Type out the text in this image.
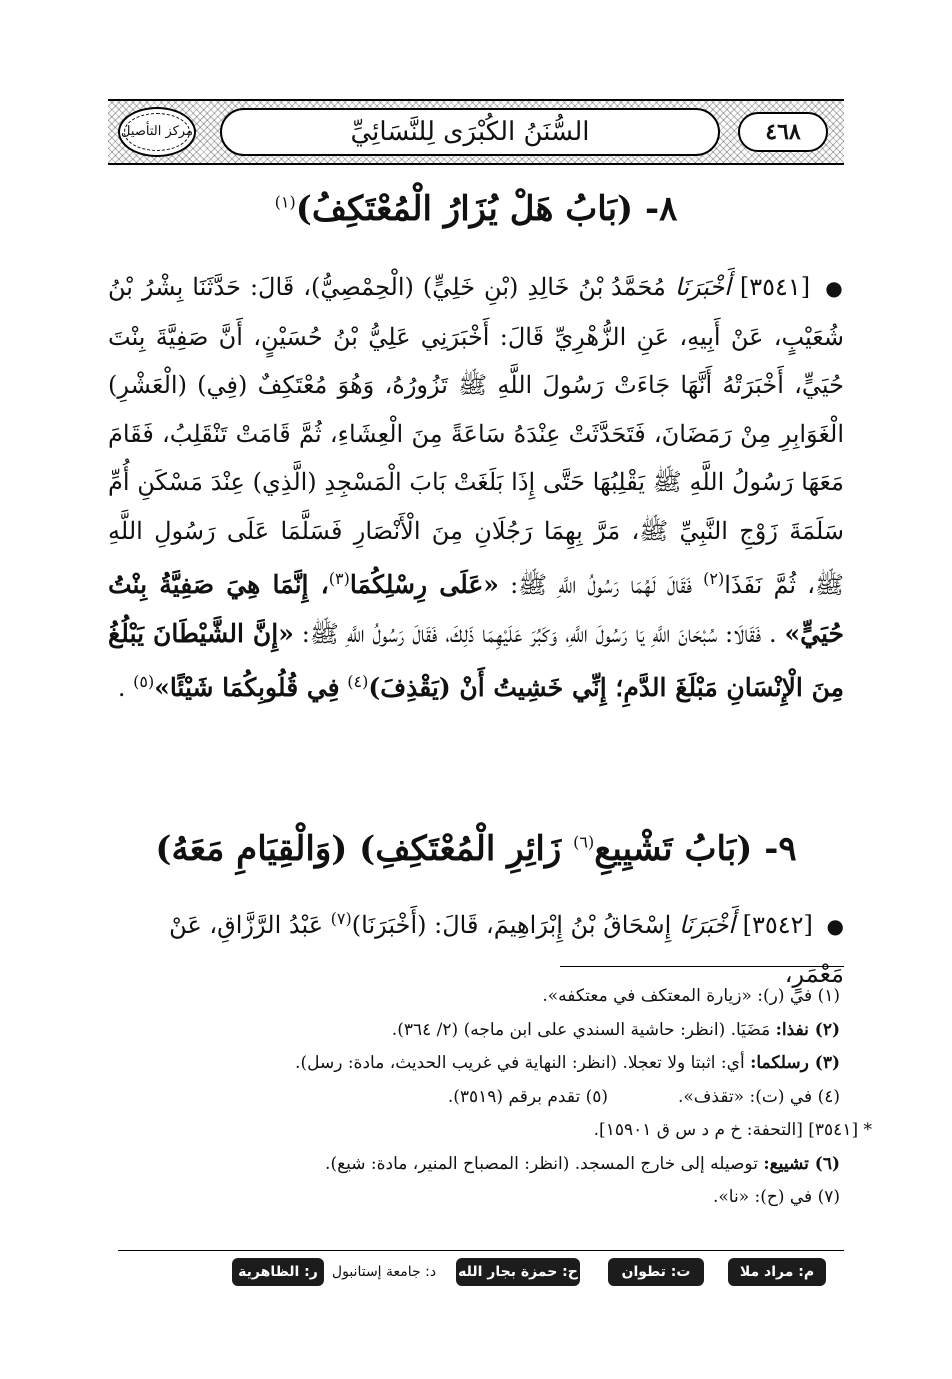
مركز التأصيل	السُّنَنُ الكُبْرَى لِلنَّسَائِيِّ	٤٦٨
٨- (بَابُ هَلْ يُزَارُ الْمُعْتَكِفُ)$^{(١)}$
● [٣٥٤١] أَخْبَرَنَا مُحَمَّدُ بْنُ خَالِدِ (بْنِ خَلِيٍّ) (الْحِمْصِيُّ)، قَالَ: حَدَّثَنَا بِشْرُ بْنُ شُعَيْبٍ، عَنْ أَبِيهِ، عَنِ الزُّهْرِيِّ قَالَ: أَخْبَرَنِي عَلِيُّ بْنُ حُسَيْنٍ، أَنَّ صَفِيَّةَ بِنْتَ حُيَيٍّ، أَخْبَرَتْهُ أَنَّهَا جَاءَتْ رَسُولَ اللَّهِ ﷺ تَزُورُهُ، وَهُوَ مُعْتَكِفٌ (فِي) (الْعَشْرِ) الْغَوَابِرِ مِنْ رَمَضَانَ، فَتَحَدَّثَتْ عِنْدَهُ سَاعَةً مِنَ الْعِشَاءِ، ثُمَّ قَامَتْ تَنْقَلِبُ، فَقَامَ مَعَهَا رَسُولُ اللَّهِ ﷺ يَقْلِبُهَا حَتَّى إِذَا بَلَغَتْ بَابَ الْمَسْجِدِ (الَّذِي) عِنْدَ مَسْكَنِ أُمِّ سَلَمَةَ زَوْجِ النَّبِيِّ ﷺ، مَرَّ بِهِمَا رَجُلَانِ مِنَ الْأَنْصَارِ فَسَلَّمَا عَلَى رَسُولِ اللَّهِ ﷺ، ثُمَّ نَفَذَا$^{(٢)}$ فَقَالَ لَهُمَا رَسُولُ اللَّهِ ﷺ: «عَلَى رِسْلِكُمَا$^{(٣)}$، إِنَّمَا هِيَ صَفِيَّةُ بِنْتُ حُيَيٍّ» . فَقَالَا: سُبْحَانَ اللَّهِ يَا رَسُولَ اللَّهِ، وَكَبُرَ عَلَيْهِمَا ذَلِكَ، فَقَالَ رَسُولُ اللَّهِ ﷺ: «إِنَّ الشَّيْطَانَ يَبْلُغُ مِنَ الْإِنْسَانِ مَبْلَغَ الدَّمِ؛ إِنِّي خَشِيتُ أَنْ (يَقْذِفَ)$^{(٤)}$ فِي قُلُوبِكُمَا شَيْئًا»$^{(٥)}$ .
٩- (بَابُ تَشْيِيعِ$^{(٦)}$ زَائِرِ الْمُعْتَكِفِ) (وَالْقِيَامِ مَعَهُ)
● [٣٥٤٢] أَخْبَرَنَا إِسْحَاقُ بْنُ إِبْرَاهِيمَ، قَالَ: (أَخْبَرَنَا)$^{(٧)}$ عَبْدُ الرَّزَّاقِ، عَنْ مَعْمَرٍ،

(١) في (ر): «زيارة المعتكف في معتكفه».

(٢) نفذا: مَضَيَا. (انظر: حاشية السندي على ابن ماجه) (٢/ ٣٦٤).

(٣) رسلكما: أي: اثبتا ولا تعجلا. (انظر: النهاية في غريب الحديث، مادة: رسل).

(٤) في (ت): «تقذف».
(٥) تقدم برقم (٣٥١٩).

* [٣٥٤١] [التحفة: خ م د س ق ١٥٩٠١].

(٦) تشييع: توصيله إلى خارج المسجد. (انظر: المصباح المنير، مادة: شيع).

(٧) في (ح): «نا».

م: مراد ملا
ت: تطوان
ح: حمزة بجار الله
د: جامعة إستانبول
ر: الظاهرية
